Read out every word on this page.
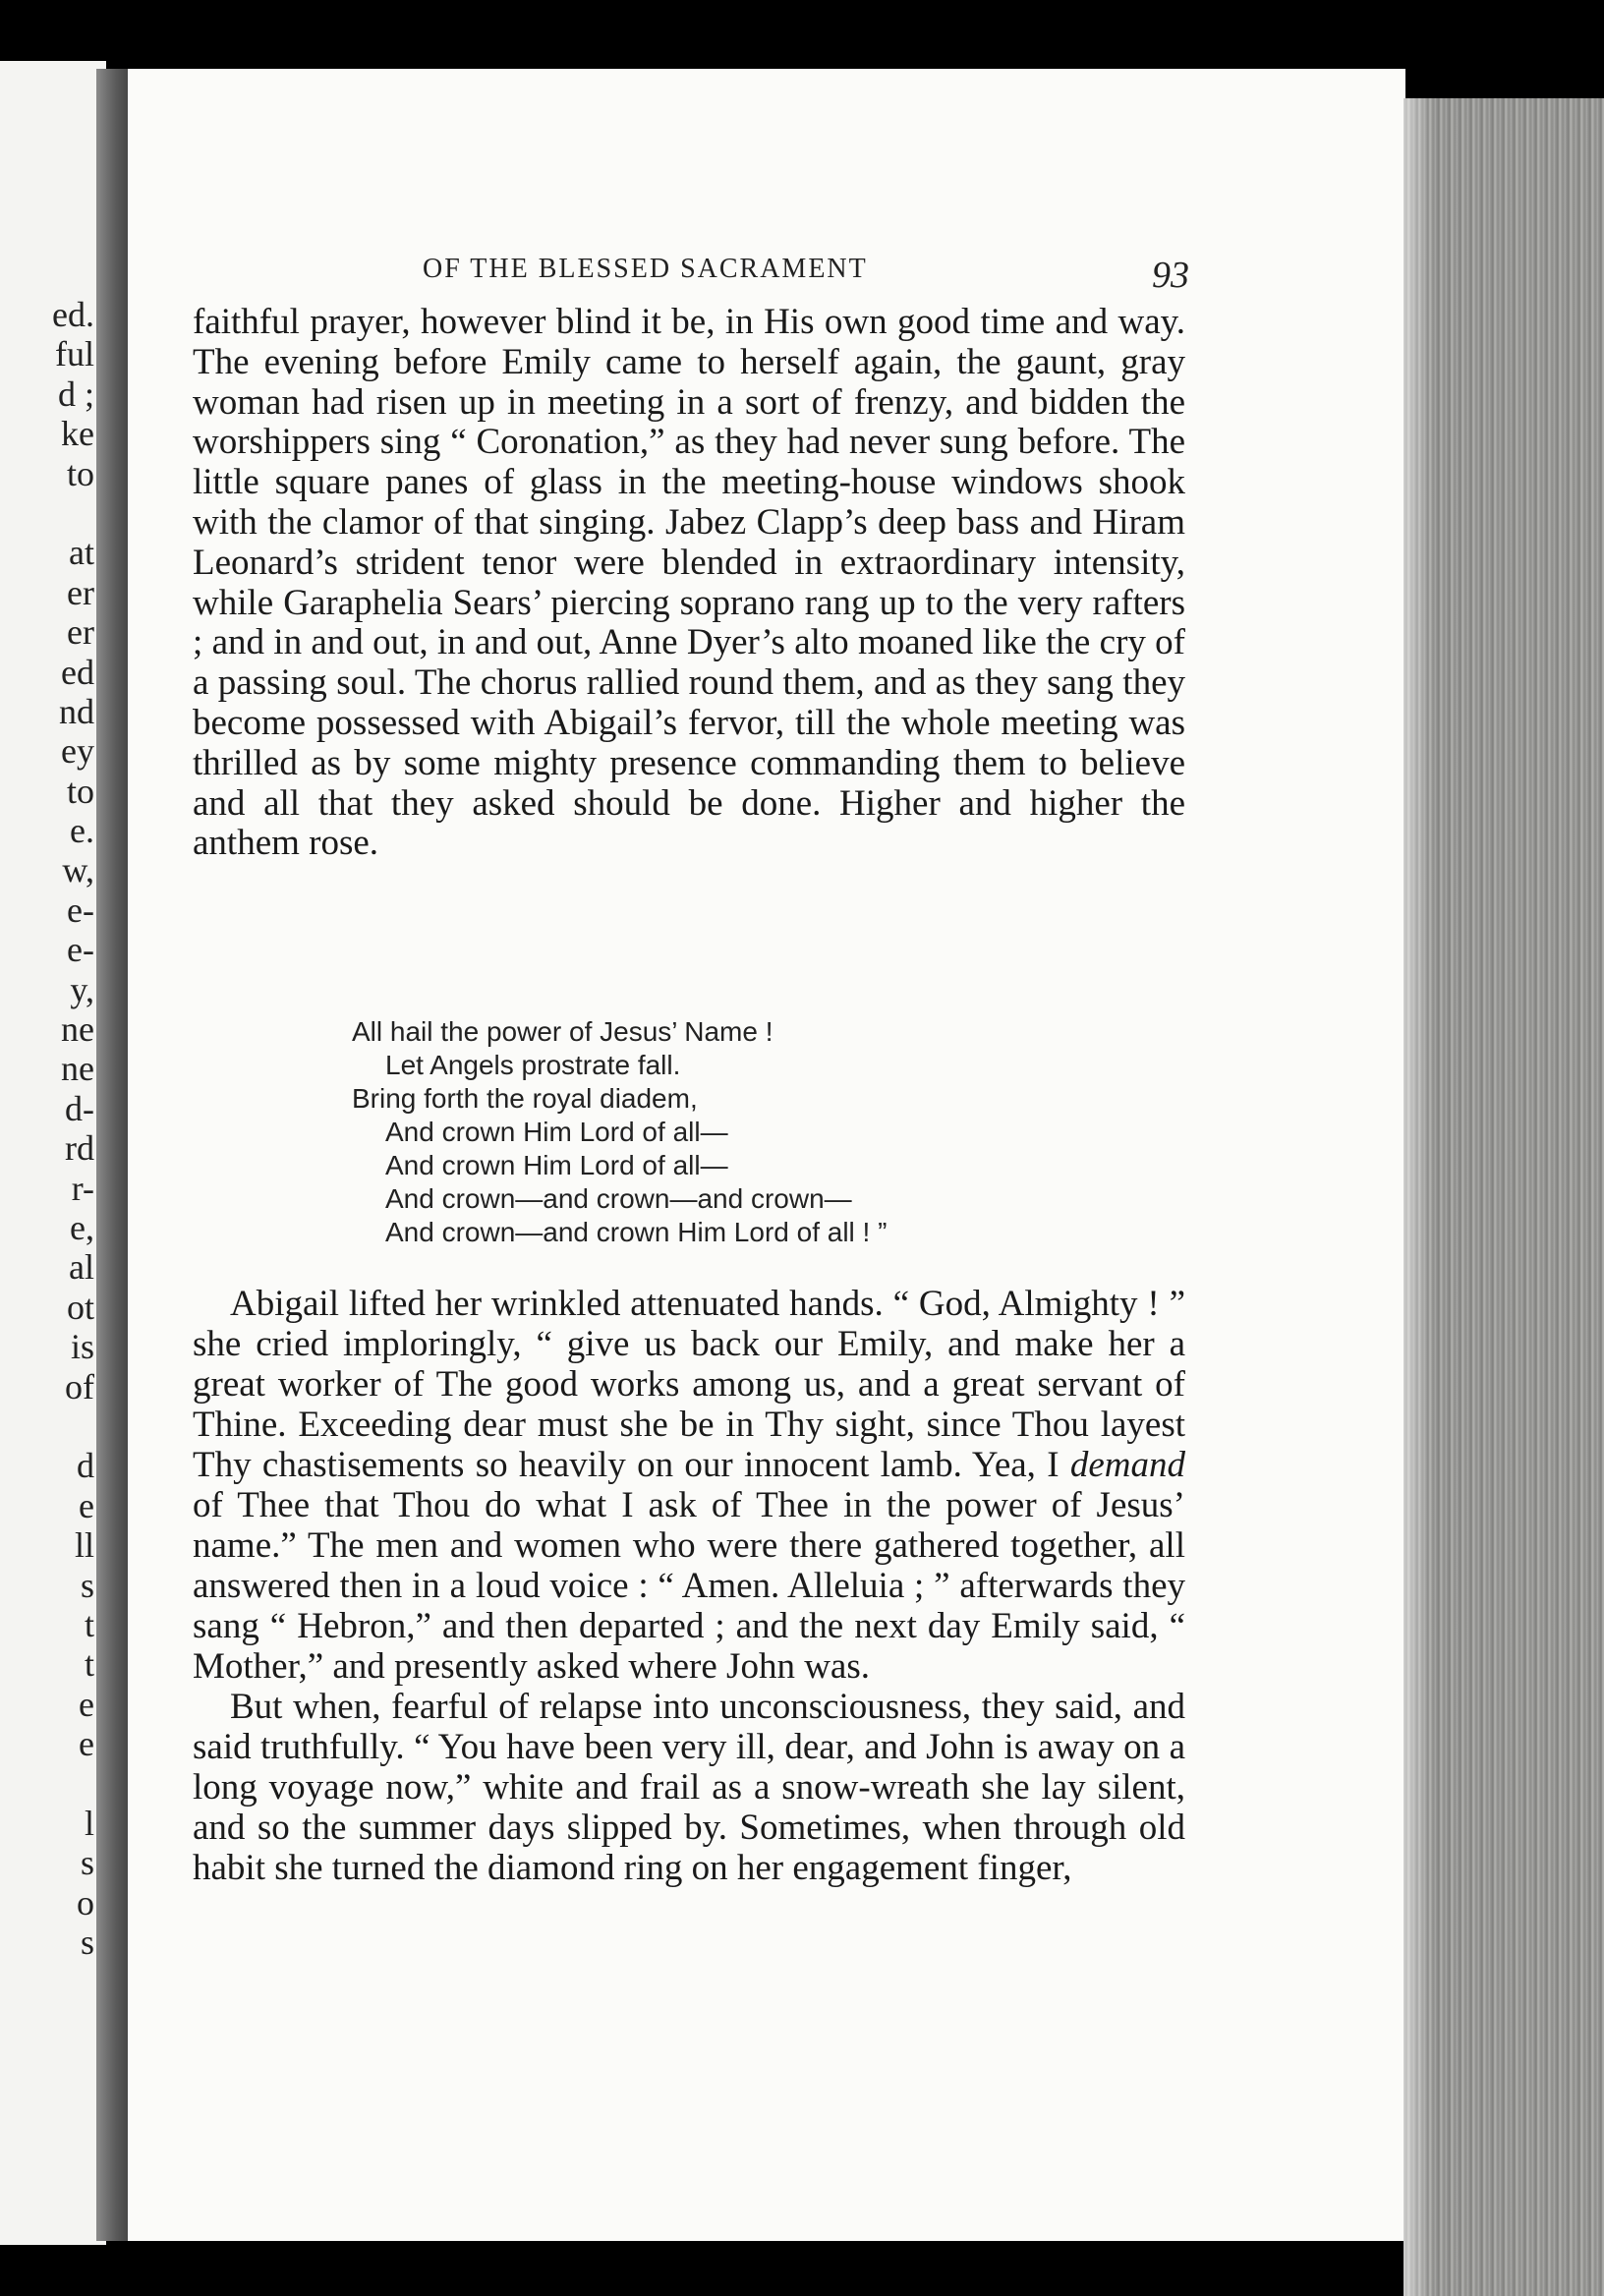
ed.
ful
d ;
ke
to
at
er
er
ed
nd
ey
to
e.
w,
e-
e-
y,
ne
ne
d-
rd
r-
e,
al
ot
is
of
d
e
ll
s
t
t
e
e
l
s
o
s
OF THE BLESSED SACRAMENT	93

faithful prayer, however blind it be, in His own good time and way. The evening before Emily came to herself again, the gaunt, gray woman had risen up in meeting in a sort of frenzy, and bidden the worshippers sing “ Coronation,” as they had never sung before. The little square panes of glass in the meeting-house windows shook with the clamor of that singing. Jabez Clapp’s deep bass and Hiram Leonard’s strident tenor were blended in extraordinary intensity, while Garaphelia Sears’ piercing soprano rang up to the very rafters ; and in and out, in and out, Anne Dyer’s alto moaned like the cry of a passing soul. The chorus rallied round them, and as they sang they become possessed with Abigail’s fervor, till the whole meeting was thrilled as by some mighty presence commanding them to believe and all that they asked should be done. Higher and higher the anthem rose.

All hail the power of Jesus’ Name !
Let Angels prostrate fall.
Bring forth the royal diadem,
And crown Him Lord of all—
And crown Him Lord of all—
And crown—and crown—and crown—
And crown—and crown Him Lord of all ! ”

Abigail lifted her wrinkled attenuated hands. “ God, Almighty ! ” she cried imploringly, “ give us back our Emily, and make her a great worker of The good works among us, and a great servant of Thine. Exceeding dear must she be in Thy sight, since Thou layest Thy chastisements so heavily on our innocent lamb. Yea, I demand of Thee that Thou do what I ask of Thee in the power of Jesus’ name.” The men and women who were there gathered together, all answered then in a loud voice : “ Amen. Alleluia ; ” afterwards they sang “ Hebron,” and then departed ; and the next day Emily said, “ Mother,” and presently asked where John was.

But when, fearful of relapse into unconsciousness, they said, and said truthfully. “ You have been very ill, dear, and John is away on a long voyage now,” white and frail as a snow-wreath she lay silent, and so the summer days slipped by. Sometimes, when through old habit she turned the diamond ring on her engagement finger,
